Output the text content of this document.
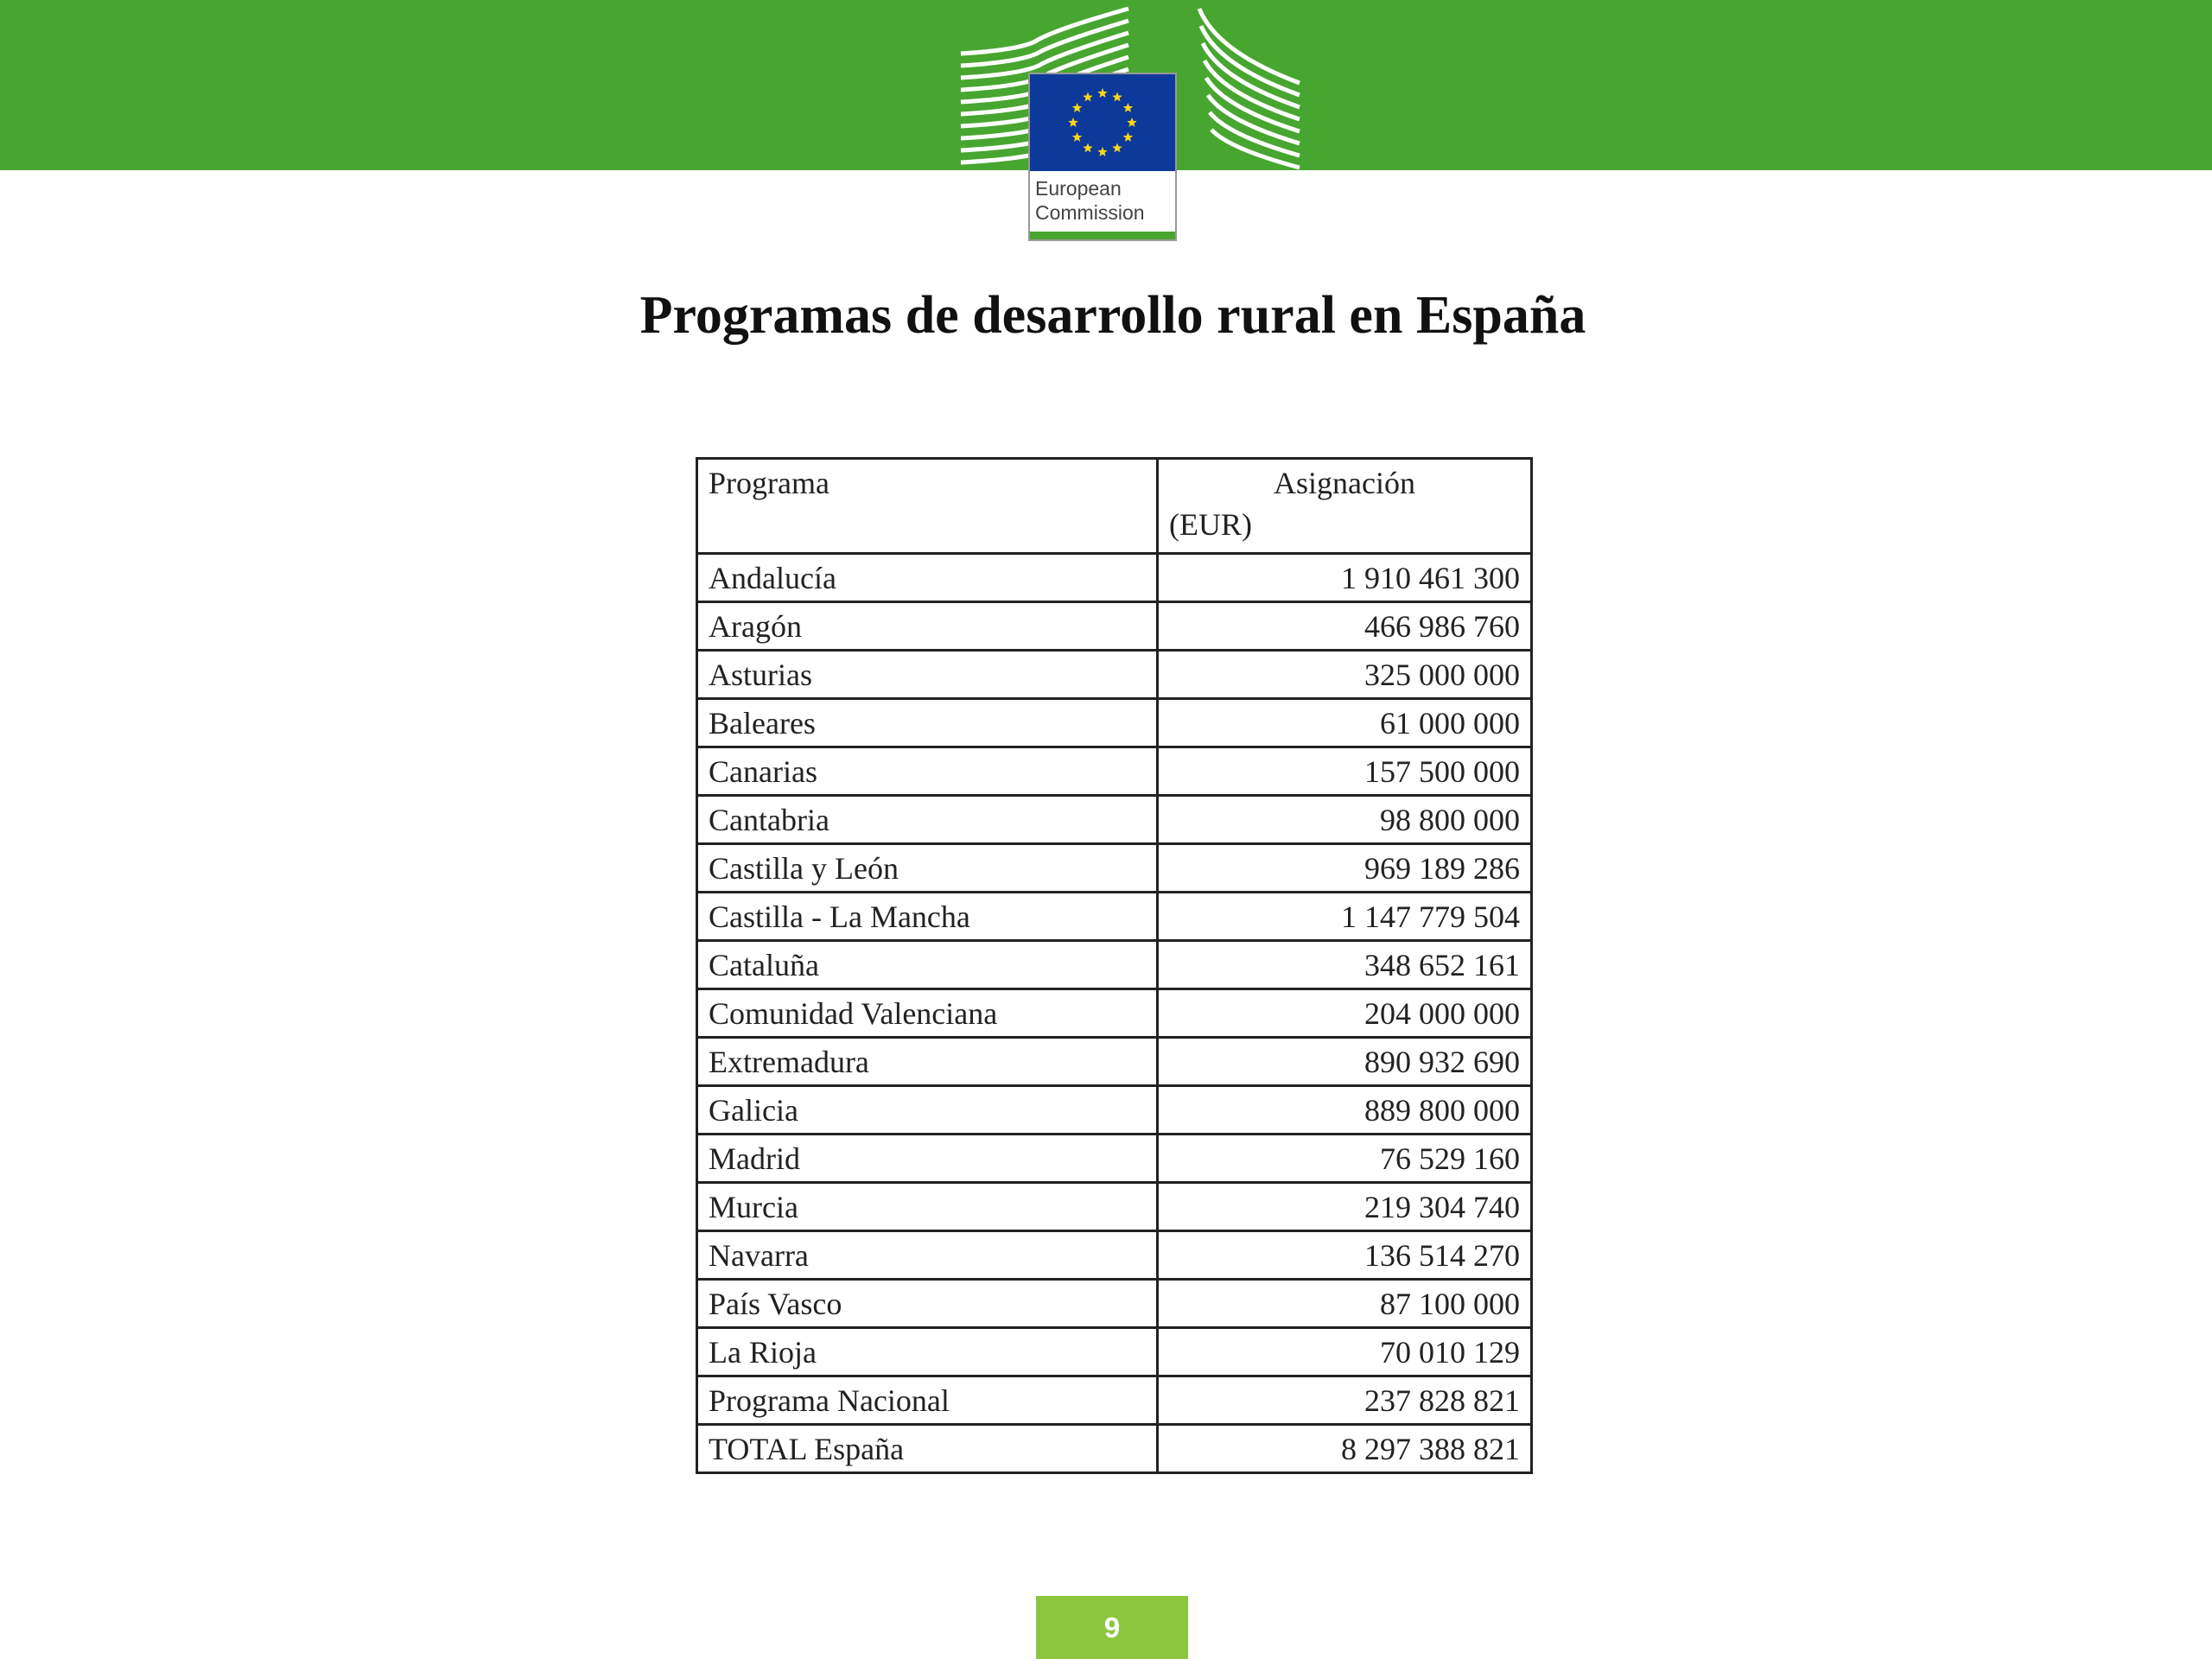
European
Commission
Programas de desarrollo rural en España
Programa	Asignación
(EUR)

Andalucía	1 910 461 300
Aragón	466 986 760
Asturias	325 000 000
Baleares	61 000 000
Canarias	157 500 000
Cantabria	98 800 000
Castilla y León	969 189 286
Castilla - La Mancha	1 147 779 504
Cataluña	348 652 161
Comunidad Valenciana	204 000 000
Extremadura	890 932 690
Galicia	889 800 000
Madrid	76 529 160
Murcia	219 304 740
Navarra	136 514 270
País Vasco	87 100 000
La Rioja	70 010 129
Programa Nacional	237 828 821
TOTAL España	8 297 388 821
9
